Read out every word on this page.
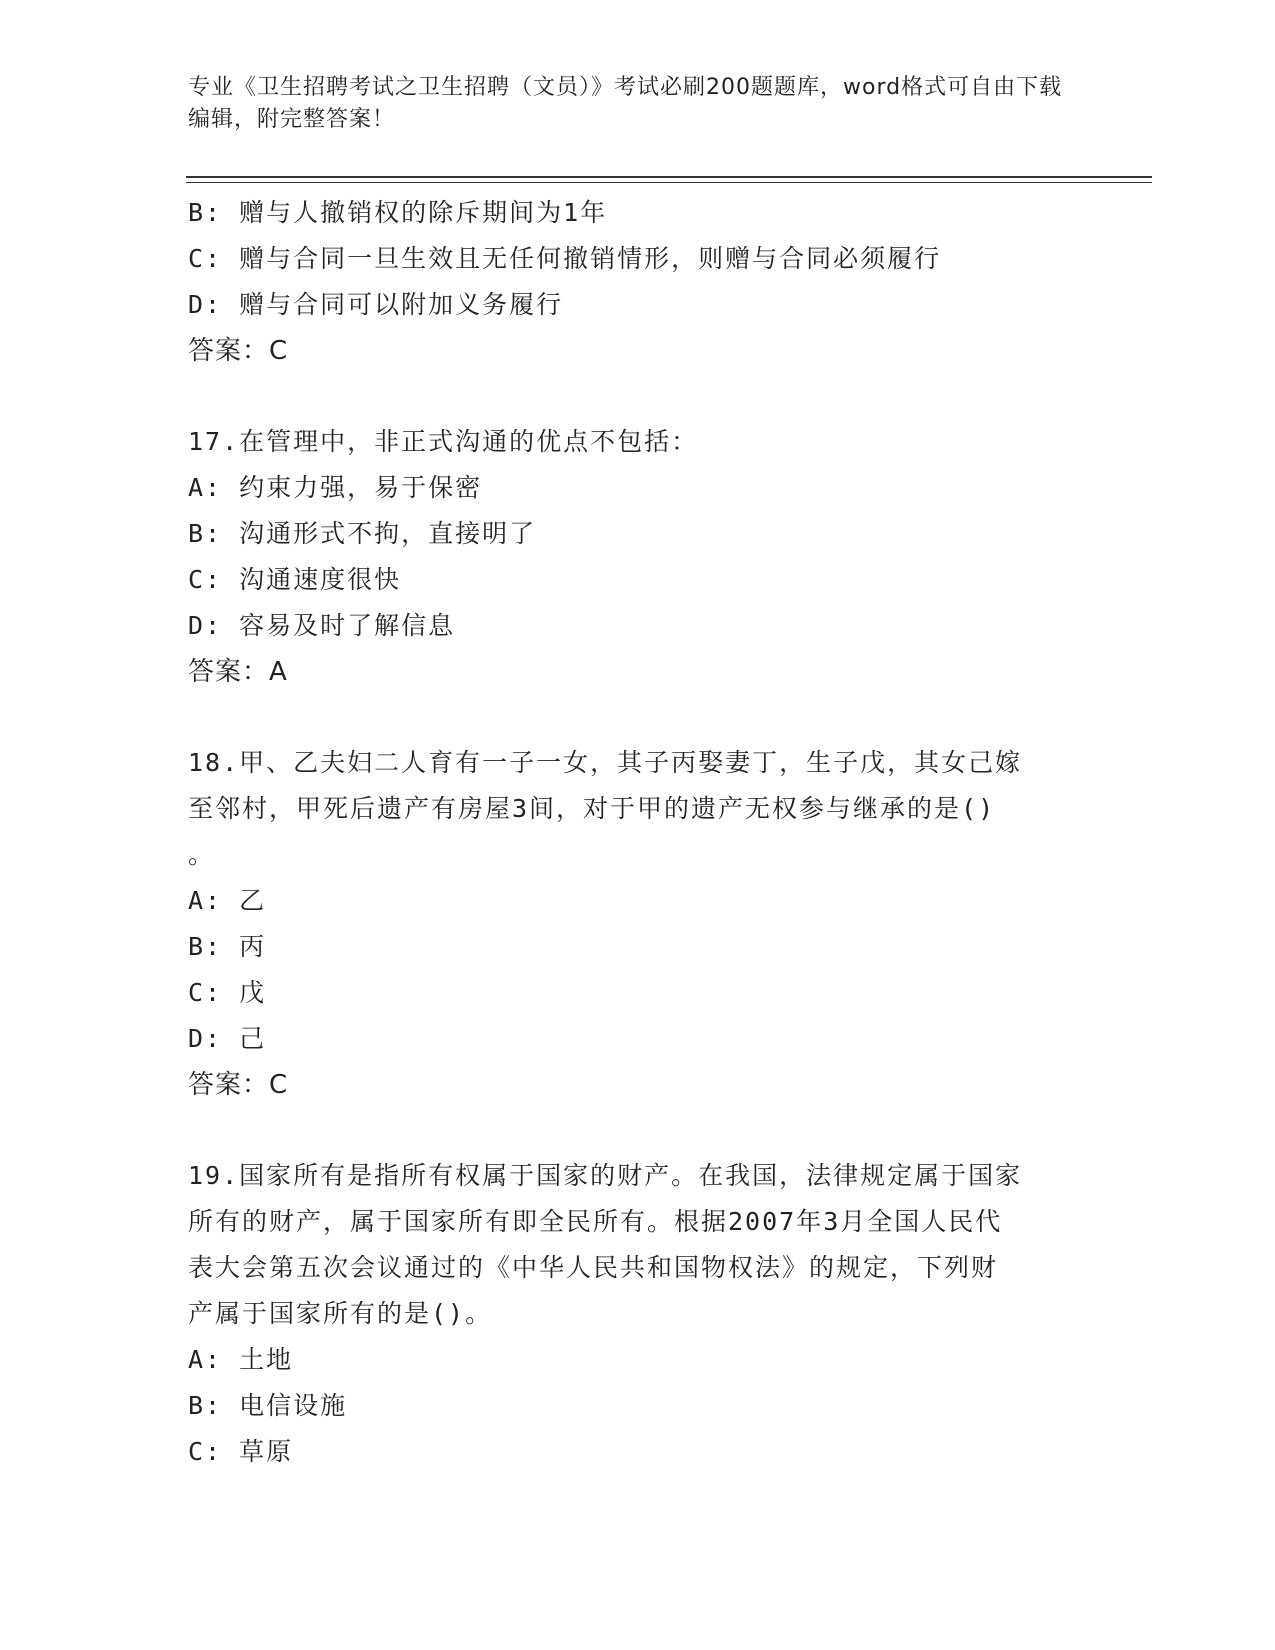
专业《卫生招聘考试之卫生招聘（文员）》考试必刷200题题库，word格式可自由下载编辑，附完整答案！
B: 赠与人撤销权的除斥期间为1年
C: 赠与合同一旦生效且无任何撤销情形，则赠与合同必须履行
D: 赠与合同可以附加义务履行
答案：C
17.在管理中，非正式沟通的优点不包括：
A: 约束力强，易于保密
B: 沟通形式不拘，直接明了
C: 沟通速度很快
D: 容易及时了解信息
答案：A
18.甲、乙夫妇二人育有一子一女，其子丙娶妻丁，生子戊，其女己嫁
至邻村，甲死后遗产有房屋3间，对于甲的遗产无权参与继承的是()
。
A: 乙
B: 丙
C: 戊
D: 己
答案：C
19.国家所有是指所有权属于国家的财产。在我国，法律规定属于国家
所有的财产，属于国家所有即全民所有。根据2007年3月全国人民代
表大会第五次会议通过的《中华人民共和国物权法》的规定，下列财
产属于国家所有的是()。
A: 土地
B: 电信设施
C: 草原
